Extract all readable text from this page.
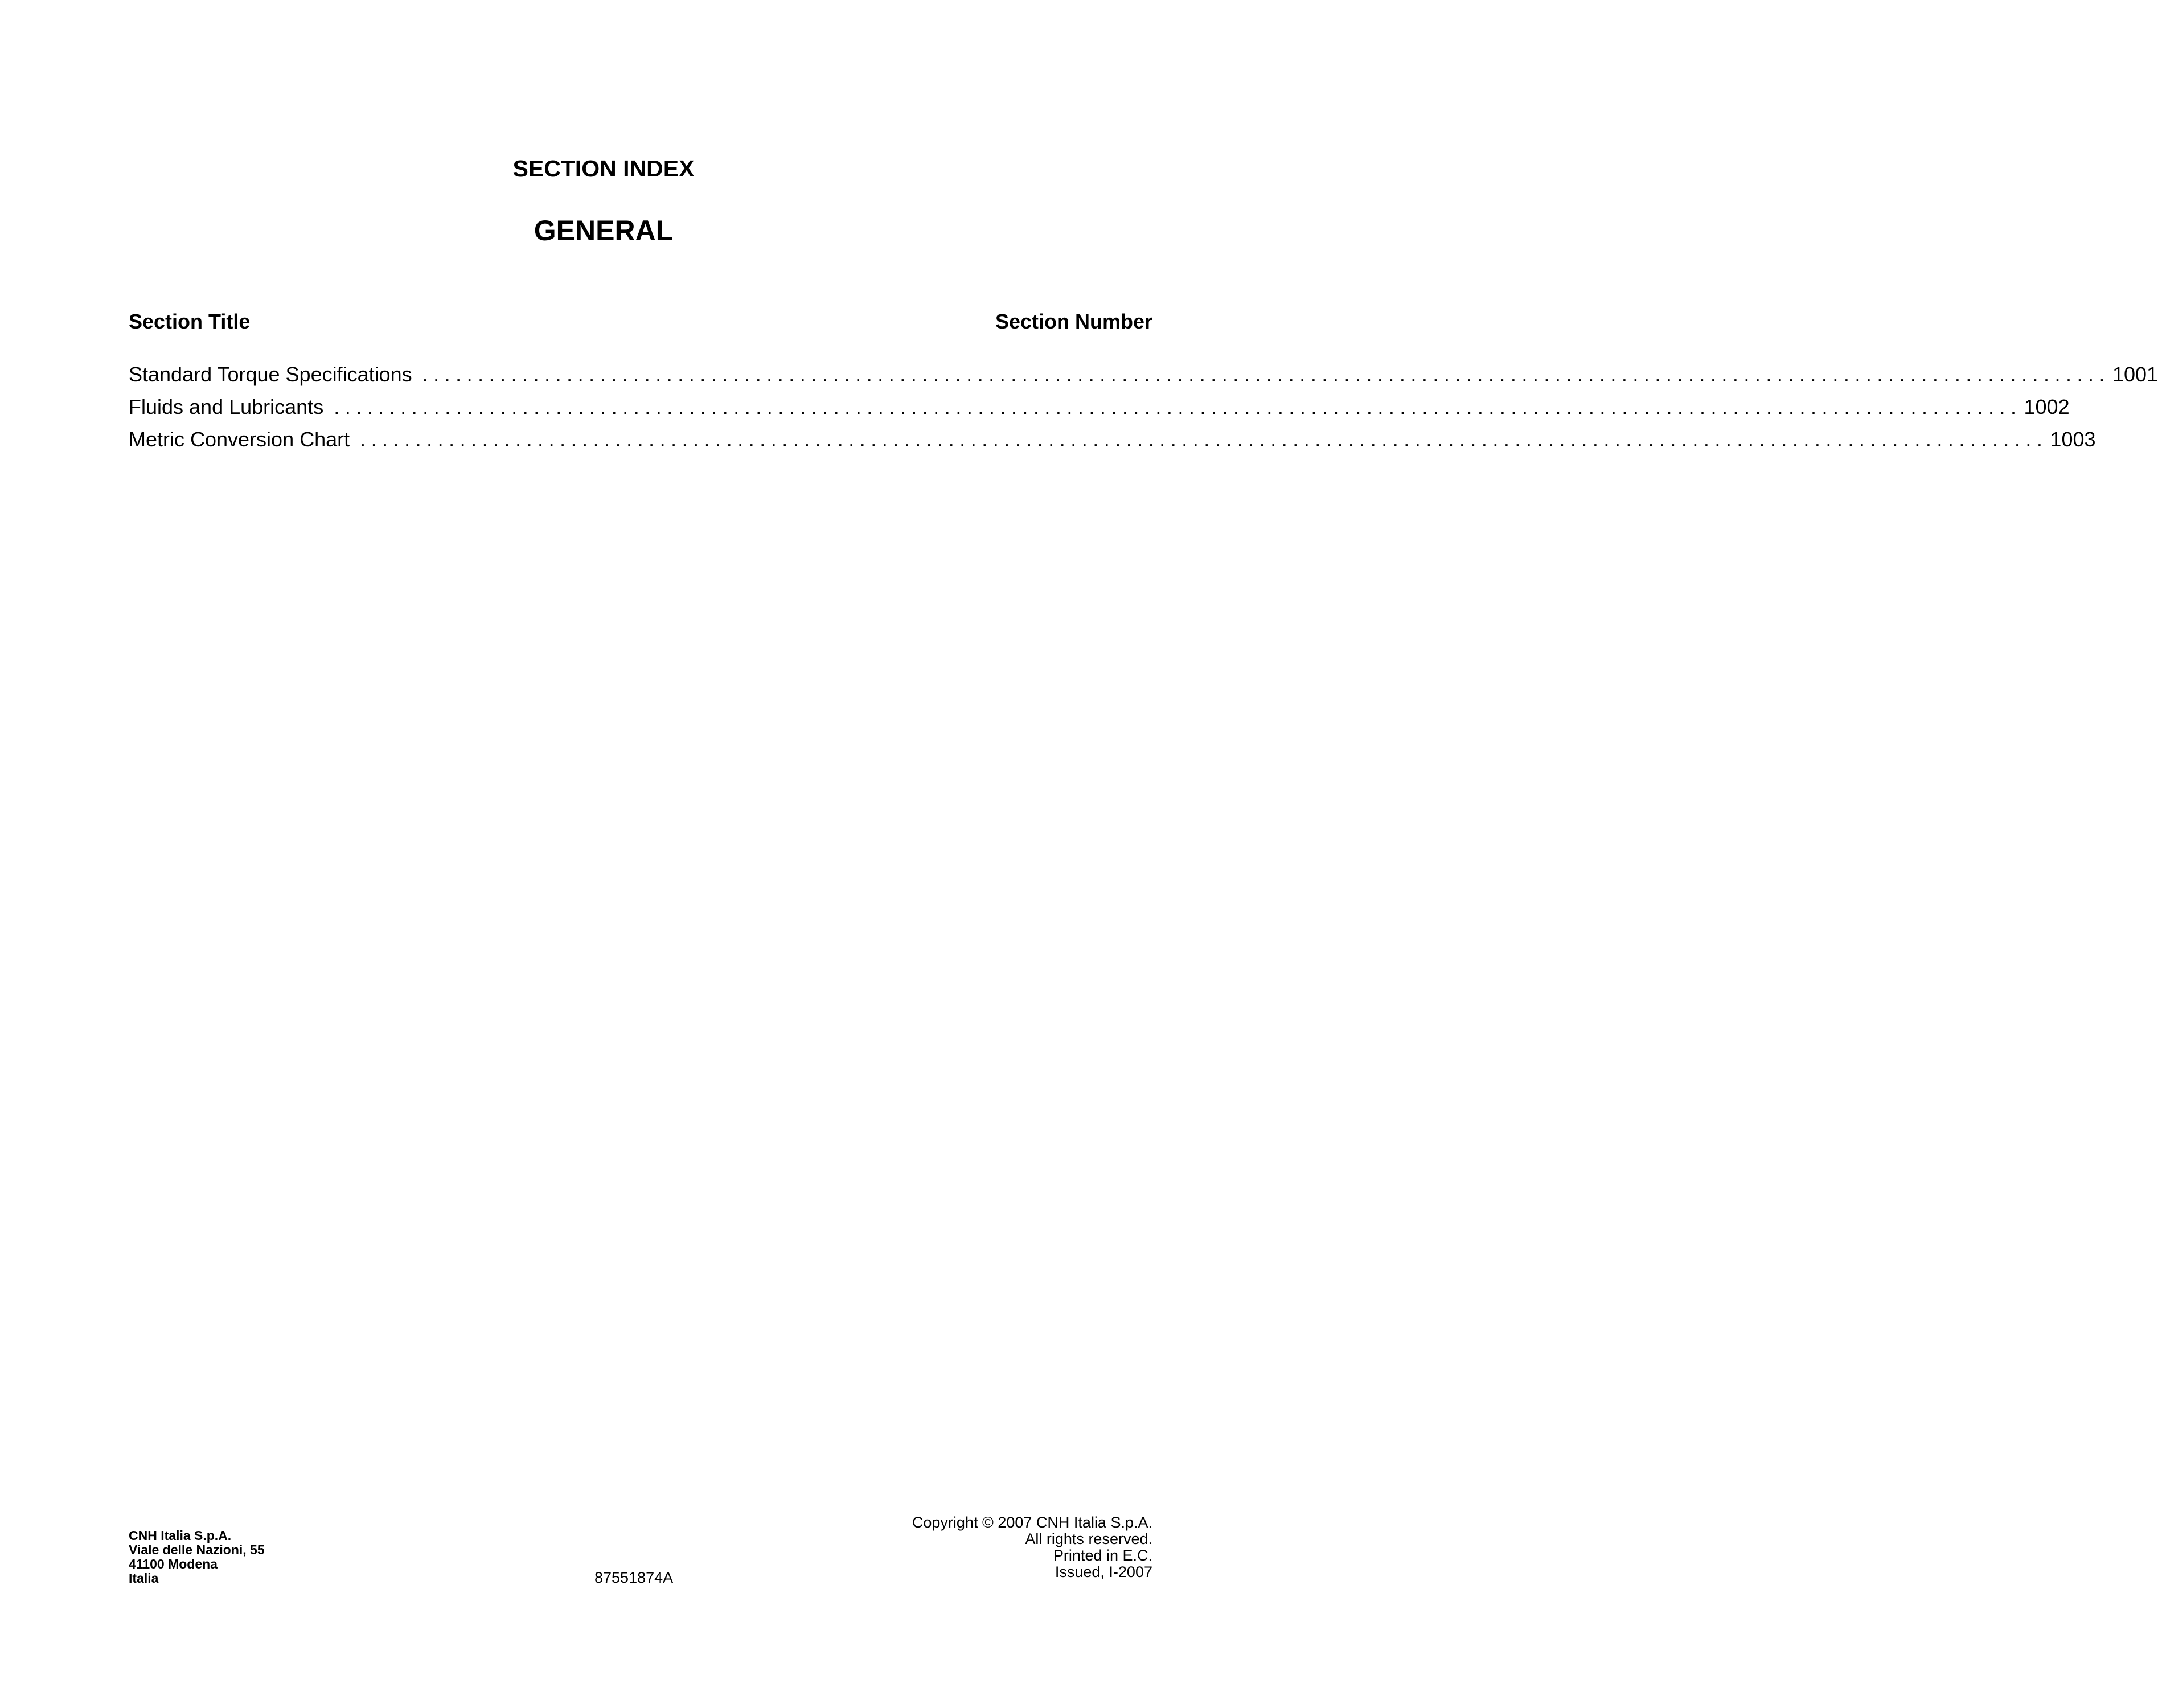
SECTION INDEX
GENERAL
Section Title	Section Number
Standard Torque Specifications ........................................................................................................................................................ 1001
Fluids and Lubricants ........................................................................................................................................................ 1002
Metric Conversion Chart ........................................................................................................................................................ 1003
CNH Italia S.p.A.
Viale delle Nazioni, 55
41100 Modena
Italia	87551874A
Copyright © 2007 CNH Italia S.p.A.
All rights reserved.
Printed in E.C.
Issued, I-2007
